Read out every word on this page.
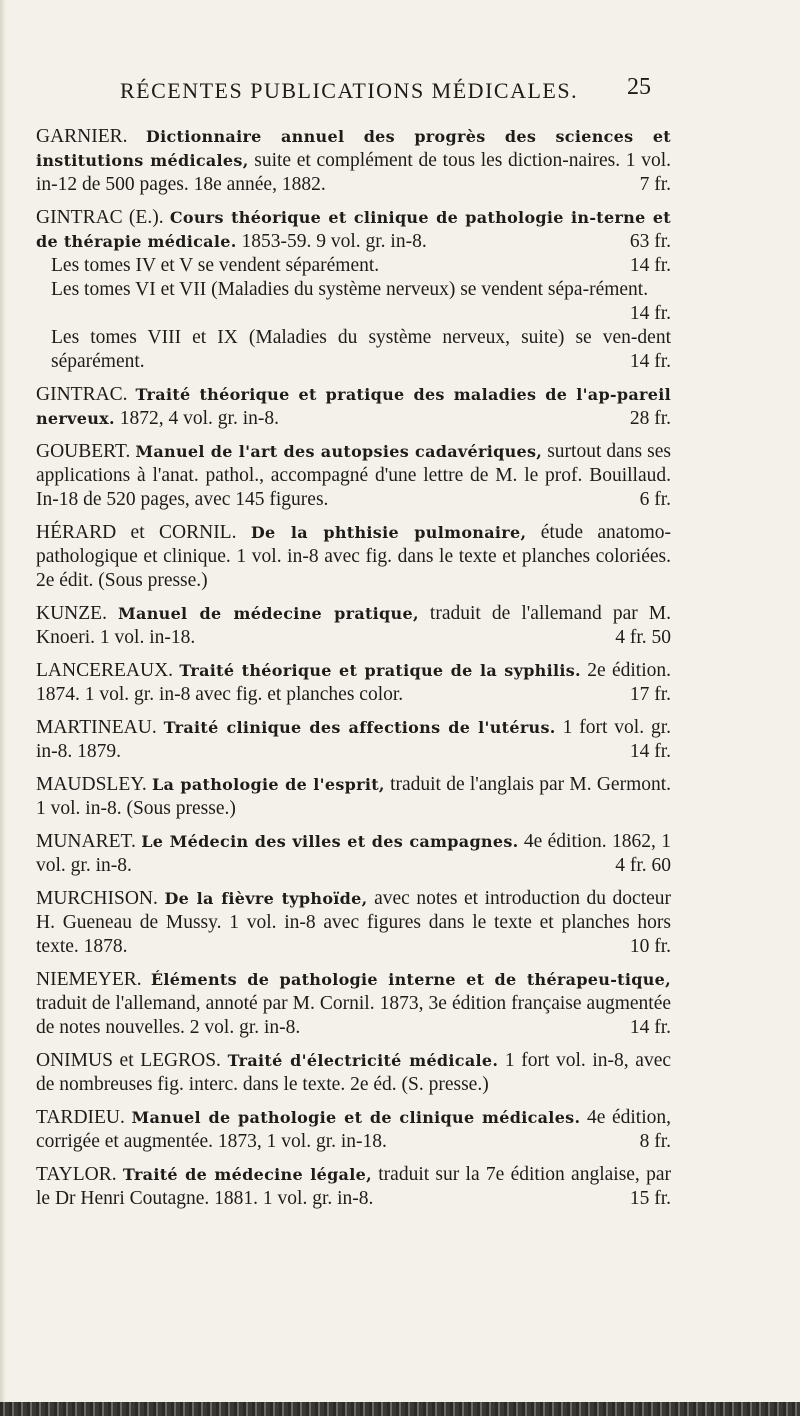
RÉCENTES PUBLICATIONS MÉDICALES. 25
GARNIER. Dictionnaire annuel des progrès des sciences et institutions médicales, suite et complément de tous les diction-naires. 1 vol. in-12 de 500 pages. 18e année, 1882.	7 fr.
GINTRAC (E.). Cours théorique et clinique de pathologie in-terne et de thérapie médicale. 1853-59. 9 vol. gr. in-8.	63 fr.
Les tomes IV et V se vendent séparément.	14 fr.
Les tomes VI et VII (Maladies du système nerveux) se vendent sépa-rément.
14 fr.
Les tomes VIII et IX (Maladies du système nerveux, suite) se ven-dent séparément.	14 fr.
GINTRAC. Traité théorique et pratique des maladies de l'ap-pareil nerveux. 1872, 4 vol. gr. in-8.	28 fr.
GOUBERT. Manuel de l'art des autopsies cadavériques, surtout dans ses applications à l'anat. pathol., accompagné d'une lettre de M. le prof. Bouillaud. In-18 de 520 pages, avec 145 figures.	6 fr.
HÉRARD et CORNIL. De la phthisie pulmonaire, étude anatomo-pathologique et clinique. 1 vol. in-8 avec fig. dans le texte et planches coloriées. 2e édit. (Sous presse.)
KUNZE. Manuel de médecine pratique, traduit de l'allemand par M. Knoeri. 1 vol. in-18.	4 fr. 50
LANCEREAUX. Traité théorique et pratique de la syphilis. 2e édition. 1874. 1 vol. gr. in-8 avec fig. et planches color.	17 fr.
MARTINEAU. Traité clinique des affections de l'utérus. 1 fort vol. gr. in-8. 1879.	14 fr.
MAUDSLEY. La pathologie de l'esprit, traduit de l'anglais par M. Germont. 1 vol. in-8. (Sous presse.)
MUNARET. Le Médecin des villes et des campagnes. 4e édition. 1862, 1 vol. gr. in-8.	4 fr. 60
MURCHISON. De la fièvre typhoïde, avec notes et introduction du docteur H. Gueneau de Mussy. 1 vol. in-8 avec figures dans le texte et planches hors texte. 1878.	10 fr.
NIEMEYER. Éléments de pathologie interne et de thérapeu-tique, traduit de l'allemand, annoté par M. Cornil. 1873, 3e édition française augmentée de notes nouvelles. 2 vol. gr. in-8.	14 fr.
ONIMUS et LEGROS. Traité d'électricité médicale. 1 fort vol. in-8, avec de nombreuses fig. interc. dans le texte. 2e éd. (S. presse.)
TARDIEU. Manuel de pathologie et de clinique médicales. 4e édition, corrigée et augmentée. 1873, 1 vol. gr. in-18.	8 fr.
TAYLOR. Traité de médecine légale, traduit sur la 7e édition anglaise, par le Dr Henri Coutagne. 1881. 1 vol. gr. in-8.	15 fr.
